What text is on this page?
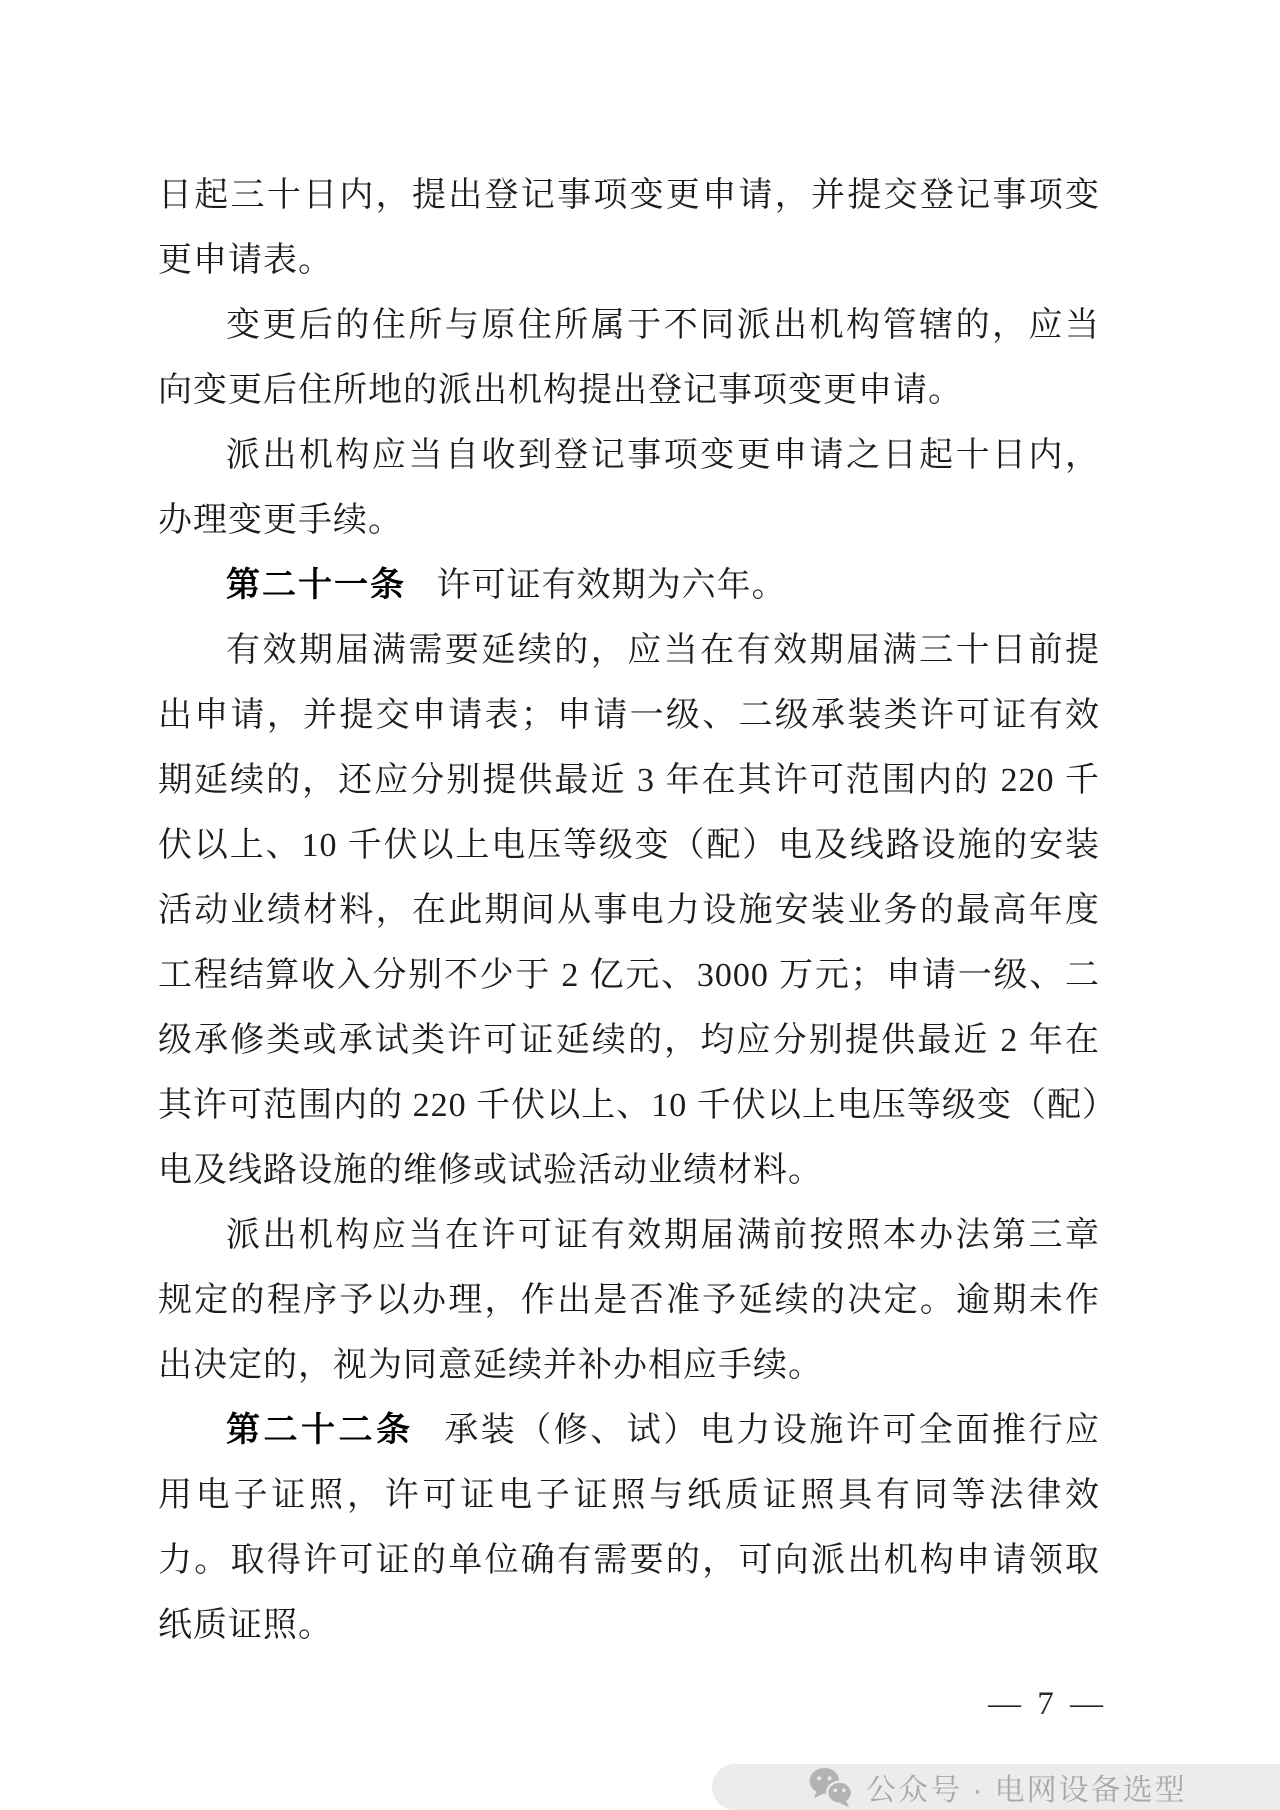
日起三十日内，提出登记事项变更申请，并提交登记事项变更申请表。

变更后的住所与原住所属于不同派出机构管辖的，应当向变更后住所地的派出机构提出登记事项变更申请。

派出机构应当自收到登记事项变更申请之日起十日内，办理变更手续。

第二十一条 许可证有效期为六年。

有效期届满需要延续的，应当在有效期届满三十日前提出申请，并提交申请表；申请一级、二级承装类许可证有效期延续的，还应分别提供最近 3 年在其许可范围内的 220 千伏以上、10 千伏以上电压等级变（配）电及线路设施的安装活动业绩材料，在此期间从事电力设施安装业务的最高年度工程结算收入分别不少于 2 亿元、3000 万元；申请一级、二级承修类或承试类许可证延续的，均应分别提供最近 2 年在其许可范围内的 220 千伏以上、10 千伏以上电压等级变（配）电及线路设施的维修或试验活动业绩材料。

派出机构应当在许可证有效期届满前按照本办法第三章规定的程序予以办理，作出是否准予延续的决定。逾期未作出决定的，视为同意延续并补办相应手续。

第二十二条 承装（修、试）电力设施许可全面推行应用电子证照，许可证电子证照与纸质证照具有同等法律效力。取得许可证的单位确有需要的，可向派出机构申请领取纸质证照。

— 7 —
公众号 · 电网设备选型
